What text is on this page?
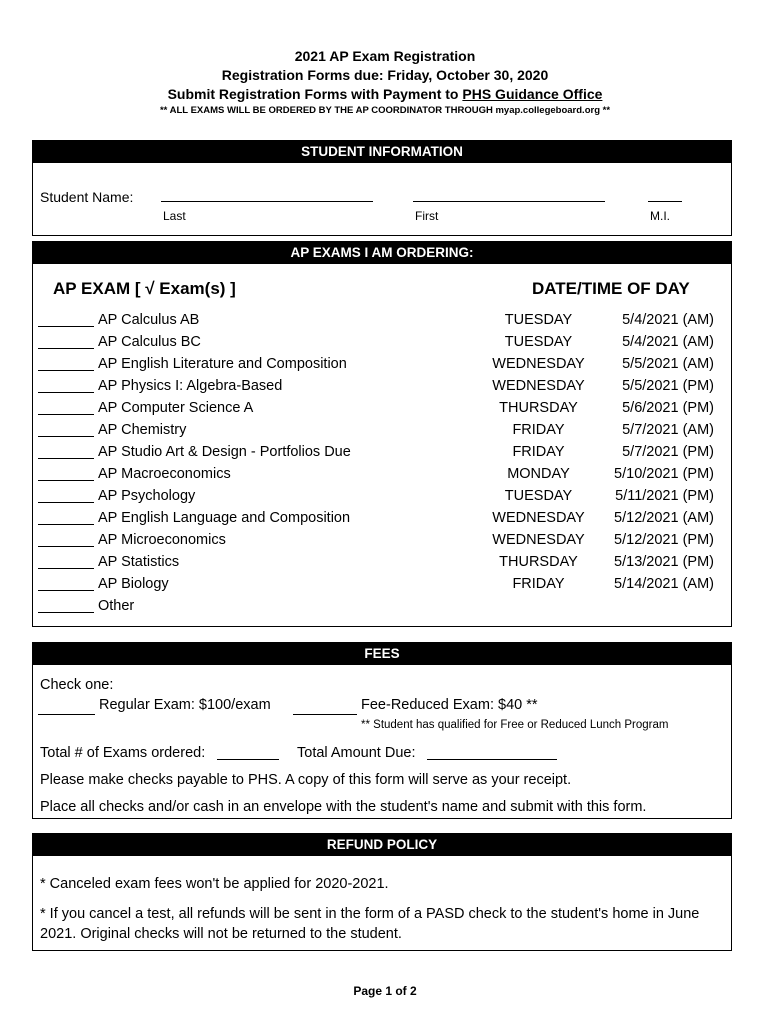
2021 AP Exam Registration
Registration Forms due: Friday, October 30, 2020
Submit Registration Forms with Payment to PHS Guidance Office
** ALL EXAMS WILL BE ORDERED BY THE AP COORDINATOR THROUGH myap.collegeboard.org **
STUDENT INFORMATION
Student Name:
Last	First	M.I.
AP EXAMS I AM ORDERING:
AP EXAM [ √ Exam(s) ]	DATE/TIME OF DAY
AP Calculus AB	TUESDAY	5/4/2021 (AM)
AP Calculus BC	TUESDAY	5/4/2021 (AM)
AP English Literature and Composition	WEDNESDAY	5/5/2021 (AM)
AP Physics I: Algebra-Based	WEDNESDAY	5/5/2021 (PM)
AP Computer Science A	THURSDAY	5/6/2021 (PM)
AP Chemistry	FRIDAY	5/7/2021 (AM)
AP Studio Art & Design - Portfolios Due	FRIDAY	5/7/2021 (PM)
AP Macroeconomics	MONDAY	5/10/2021 (PM)
AP Psychology	TUESDAY	5/11/2021 (PM)
AP English Language and Composition	WEDNESDAY	5/12/2021 (AM)
AP Microeconomics	WEDNESDAY	5/12/2021 (PM)
AP Statistics	THURSDAY	5/13/2021 (PM)
AP Biology	FRIDAY	5/14/2021 (AM)
Other
FEES
Check one:
Regular Exam: $100/exam	Fee-Reduced Exam: $40 **
** Student has qualified for Free or Reduced Lunch Program
Total # of Exams ordered:	Total Amount Due:
Please make checks payable to PHS. A copy of this form will serve as your receipt.
Place all checks and/or cash in an envelope with the student's name and submit with this form.
REFUND POLICY
* Canceled exam fees won't be applied for 2020-2021.
* If you cancel a test, all refunds will be sent in the form of a PASD check to the student's home in June 2021. Original checks will not be returned to the student.
Page 1 of 2
